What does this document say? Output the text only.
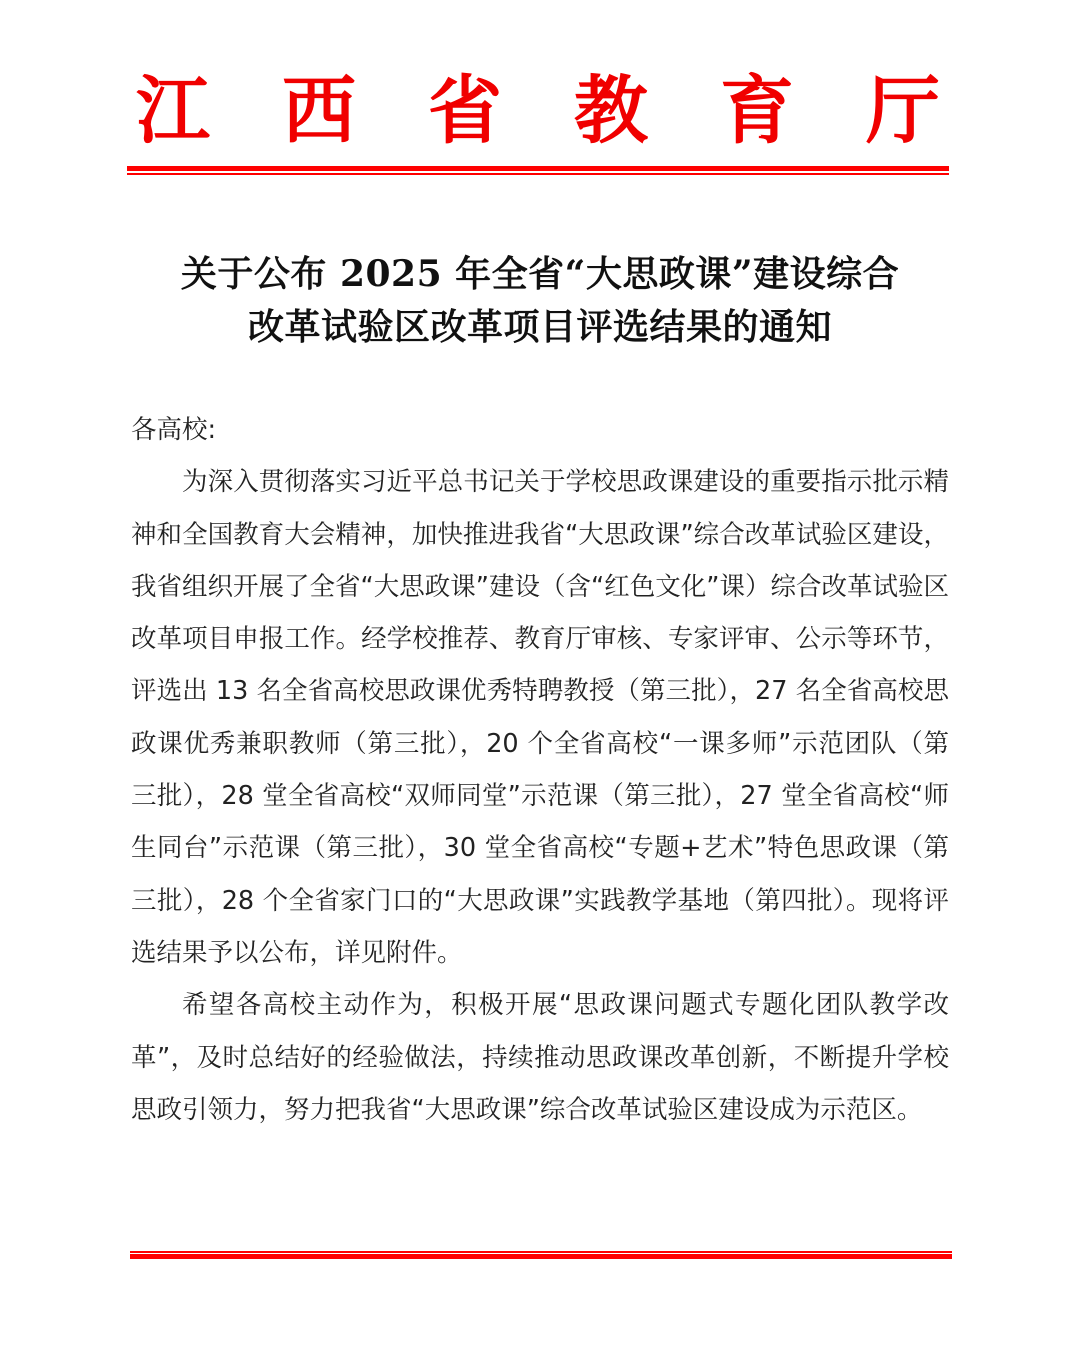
江 西 省 教 育 厅
关于公布 2025 年全省“大思政课”建设综合
改革试验区改革项目评选结果的通知

各高校:

为深入贯彻落实习近平总书记关于学校思政课建设的重要指示批示精神和全国教育大会精神，加快推进我省“大思政课”综合改革试验区建设，我省组织开展了全省“大思政课”建设（含“红色文化”课）综合改革试验区改革项目申报工作。经学校推荐、教育厅审核、专家评审、公示等环节，评选出 13 名全省高校思政课优秀特聘教授（第三批），27 名全省高校思政课优秀兼职教师（第三批），20 个全省高校“一课多师”示范团队（第三批），28 堂全省高校“双师同堂”示范课（第三批），27 堂全省高校“师生同台”示范课（第三批），30 堂全省高校“专题+艺术”特色思政课（第三批），28 个全省家门口的“大思政课”实践教学基地（第四批）。现将评选结果予以公布，详见附件。

希望各高校主动作为，积极开展“思政课问题式专题化团队教学改革”，及时总结好的经验做法，持续推动思政课改革创新，不断提升学校思政引领力，努力把我省“大思政课”综合改革试验区建设成为示范区。
